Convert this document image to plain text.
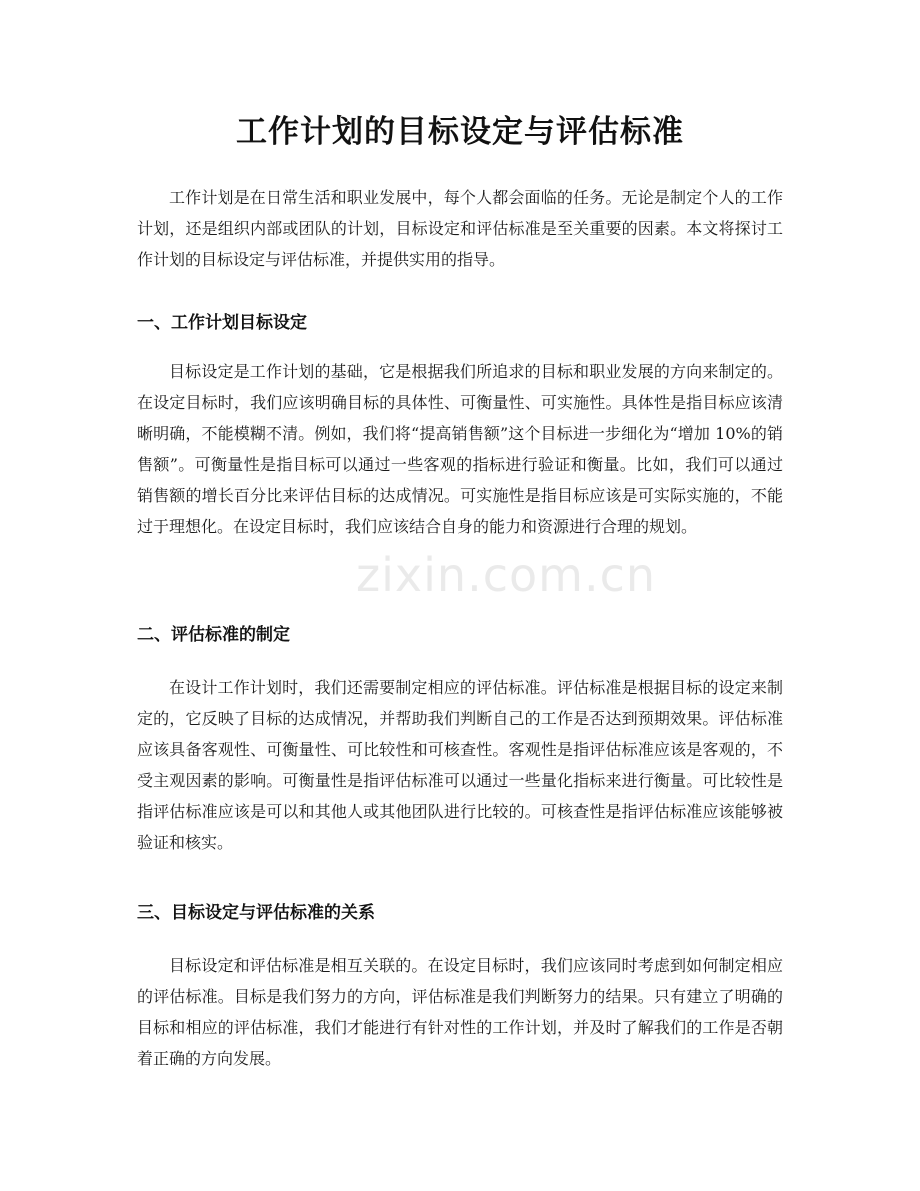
工作计划的目标设定与评估标准

工作计划是在日常生活和职业发展中，每个人都会面临的任务。无论是制定个人的工作计划，还是组织内部或团队的计划，目标设定和评估标准是至关重要的因素。本文将探讨工作计划的目标设定与评估标准，并提供实用的指导。

一、工作计划目标设定

目标设定是工作计划的基础，它是根据我们所追求的目标和职业发展的方向来制定的。在设定目标时，我们应该明确目标的具体性、可衡量性、可实施性。具体性是指目标应该清晰明确，不能模糊不清。例如，我们将“提高销售额”这个目标进一步细化为“增加 10%的销售额”。可衡量性是指目标可以通过一些客观的指标进行验证和衡量。比如，我们可以通过销售额的增长百分比来评估目标的达成情况。可实施性是指目标应该是可实际实施的，不能过于理想化。在设定目标时，我们应该结合自身的能力和资源进行合理的规划。

二、评估标准的制定

在设计工作计划时，我们还需要制定相应的评估标准。评估标准是根据目标的设定来制定的，它反映了目标的达成情况，并帮助我们判断自己的工作是否达到预期效果。评估标准应该具备客观性、可衡量性、可比较性和可核查性。客观性是指评估标准应该是客观的，不受主观因素的影响。可衡量性是指评估标准可以通过一些量化指标来进行衡量。可比较性是指评估标准应该是可以和其他人或其他团队进行比较的。可核查性是指评估标准应该能够被验证和核实。

三、目标设定与评估标准的关系

目标设定和评估标准是相互关联的。在设定目标时，我们应该同时考虑到如何制定相应的评估标准。目标是我们努力的方向，评估标准是我们判断努力的结果。只有建立了明确的目标和相应的评估标准，我们才能进行有针对性的工作计划，并及时了解我们的工作是否朝着正确的方向发展。

zixin.com.cn
